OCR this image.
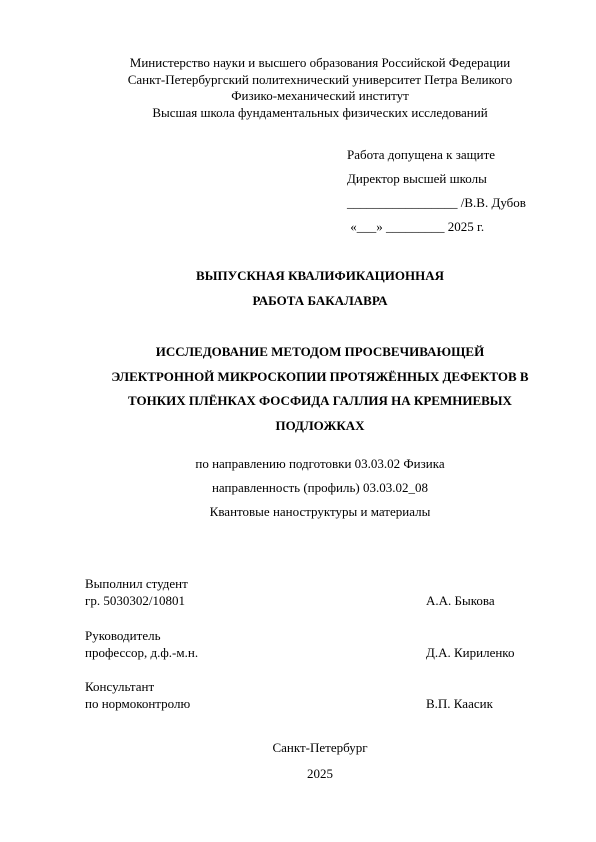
Министерство науки и высшего образования Российской Федерации
Санкт-Петербургский политехнический университет Петра Великого
Физико-механический институт
Высшая школа фундаментальных физических исследований
Работа допущена к защите
Директор высшей школы
_________________ /В.В. Дубов
«___» _________ 2025 г.
ВЫПУСКНАЯ КВАЛИФИКАЦИОННАЯ
РАБОТА БАКАЛАВРА
ИССЛЕДОВАНИЕ МЕТОДОМ ПРОСВЕЧИВАЮЩЕЙ
ЭЛЕКТРОННОЙ МИКРОСКОПИИ ПРОТЯЖЁННЫХ ДЕФЕКТОВ В
ТОНКИХ ПЛЁНКАХ ФОСФИДА ГАЛЛИЯ НА КРЕМНИЕВЫХ
ПОДЛОЖКАХ
по направлению подготовки 03.03.02 Физика
направленность (профиль) 03.03.02_08
Квантовые наноструктуры и материалы
Выполнил студент
гр. 5030302/10801	А.А. Быкова
Руководитель
профессор, д.ф.-м.н.	Д.А. Кириленко
Консультант
по нормоконтролю	В.П. Каасик
Санкт-Петербург
2025
